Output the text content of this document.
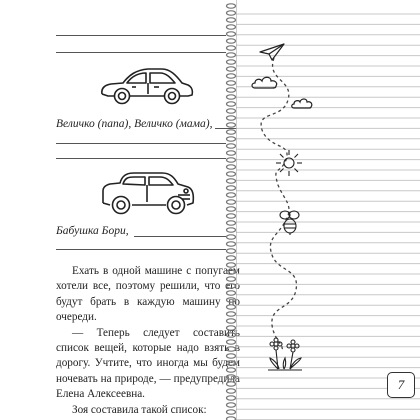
Величко (папа), Величко (мама),
Бабушка Бори,

Ехать в одной машине с попугаем хотели все, поэтому решили, что его будут брать в каждую машину по очереди.

— Теперь следует составить список вещей, которые надо взять в дорогу. Учтите, что иногда мы будем ночевать на природе, — предупредила Елена Алексеевна.

Зоя составила такой список:

7
